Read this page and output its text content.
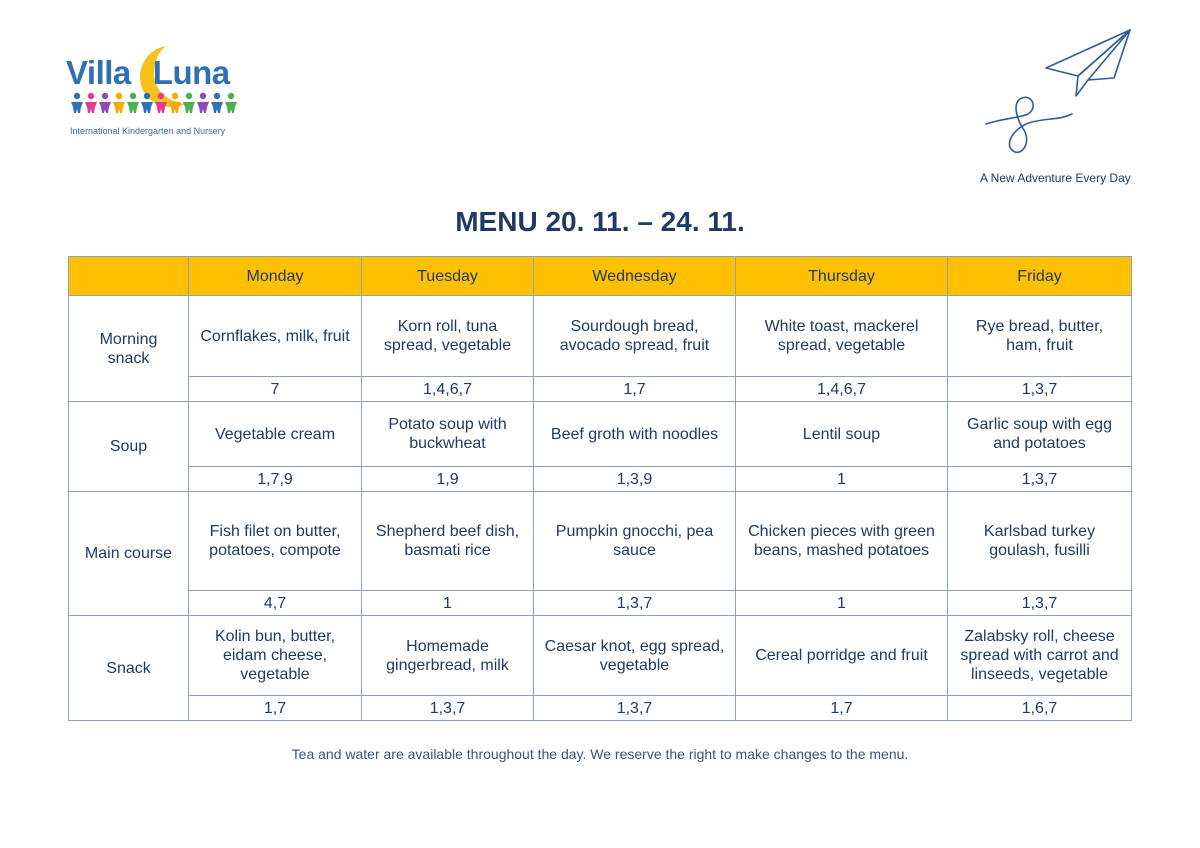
Villa Luna

International Kindergarten and Nursery

A New Adventure Every Day

MENU 20. 11. – 24. 11.
	Monday	Tuesday	Wednesday	Thursday	Friday
Morning snack	Cornflakes, milk, fruit	Korn roll, tuna spread, vegetable	Sourdough bread, avocado spread, fruit	White toast, mackerel spread, vegetable	Rye bread, butter, ham, fruit
	7	1,4,6,7	1,7	1,4,6,7	1,3,7
Soup	Vegetable cream	Potato soup with buckwheat	Beef groth with noodles	Lentil soup	Garlic soup with egg and potatoes
	1,7,9	1,9	1,3,9	1	1,3,7
Main course	Fish filet on butter, potatoes, compote	Shepherd beef dish, basmati rice	Pumpkin gnocchi, pea sauce	Chicken pieces with green beans, mashed potatoes	Karlsbad turkey goulash, fusilli
	4,7	1	1,3,7	1	1,3,7
Snack	Kolin bun, butter, eidam cheese, vegetable	Homemade gingerbread, milk	Caesar knot, egg spread, vegetable	Cereal porridge and fruit	Zalabsky roll, cheese spread with carrot and linseeds, vegetable
	1,7	1,3,7	1,3,7	1,7	1,6,7

Tea and water are available throughout the day. We reserve the right to make changes to the menu.
